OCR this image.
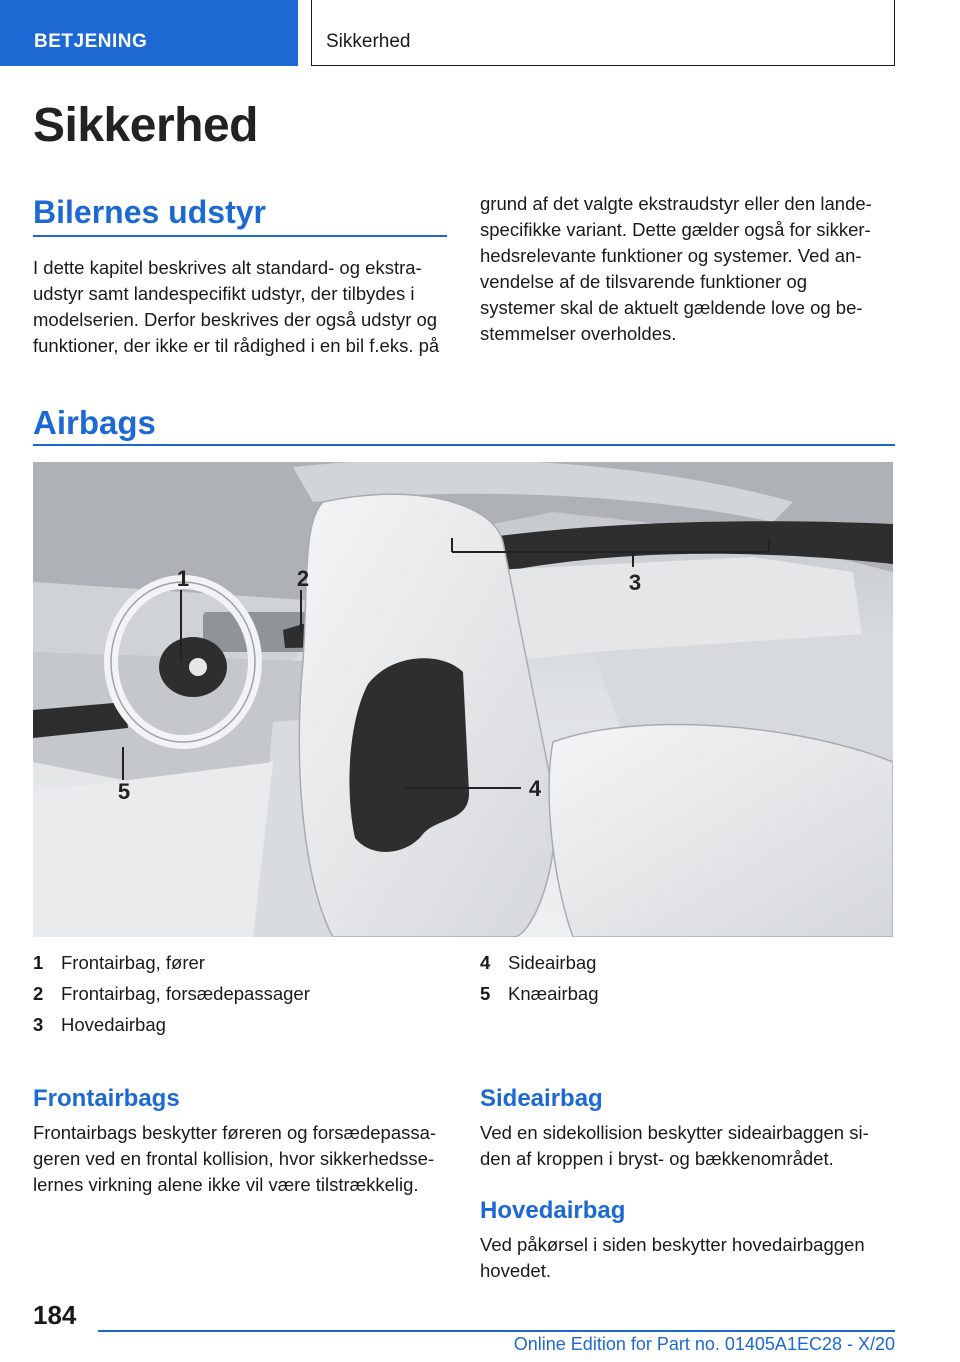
BETJENING	Sikkerhed
Sikkerhed
Bilernes udstyr

I dette kapitel beskrives alt standard- og ekstra-
udstyr samt landespecifikt udstyr, der tilbydes i
modelserien. Derfor beskrives der også udstyr og
funktioner, der ikke er til rådighed i en bil f.eks. på

grund af det valgte ekstraudstyr eller den lande-
specifikke variant. Dette gælder også for sikker-
hedsrelevante funktioner og systemer. Ved an-
vendelse af de tilsvarende funktioner og
systemer skal de aktuelt gældende love og be-
stemmelser overholdes.

Airbags
1	2	3
4
5
1 Frontairbag, fører
2 Frontairbag, forsædepassager
3 Hovedairbag
4 Sideairbag
5 Knæairbag
Frontairbags

Frontairbags beskytter føreren og forsædepassa-
geren ved en frontal kollision, hvor sikkerhedsse-
lernes virkning alene ikke vil være tilstrækkelig.

Sideairbag

Ved en sidekollision beskytter sideairbaggen si-
den af kroppen i bryst- og bækkenområdet.

Hovedairbag

Ved påkørsel i siden beskytter hovedairbaggen
hovedet.

184
Online Edition for Part no. 01405A1EC28 - X/20
